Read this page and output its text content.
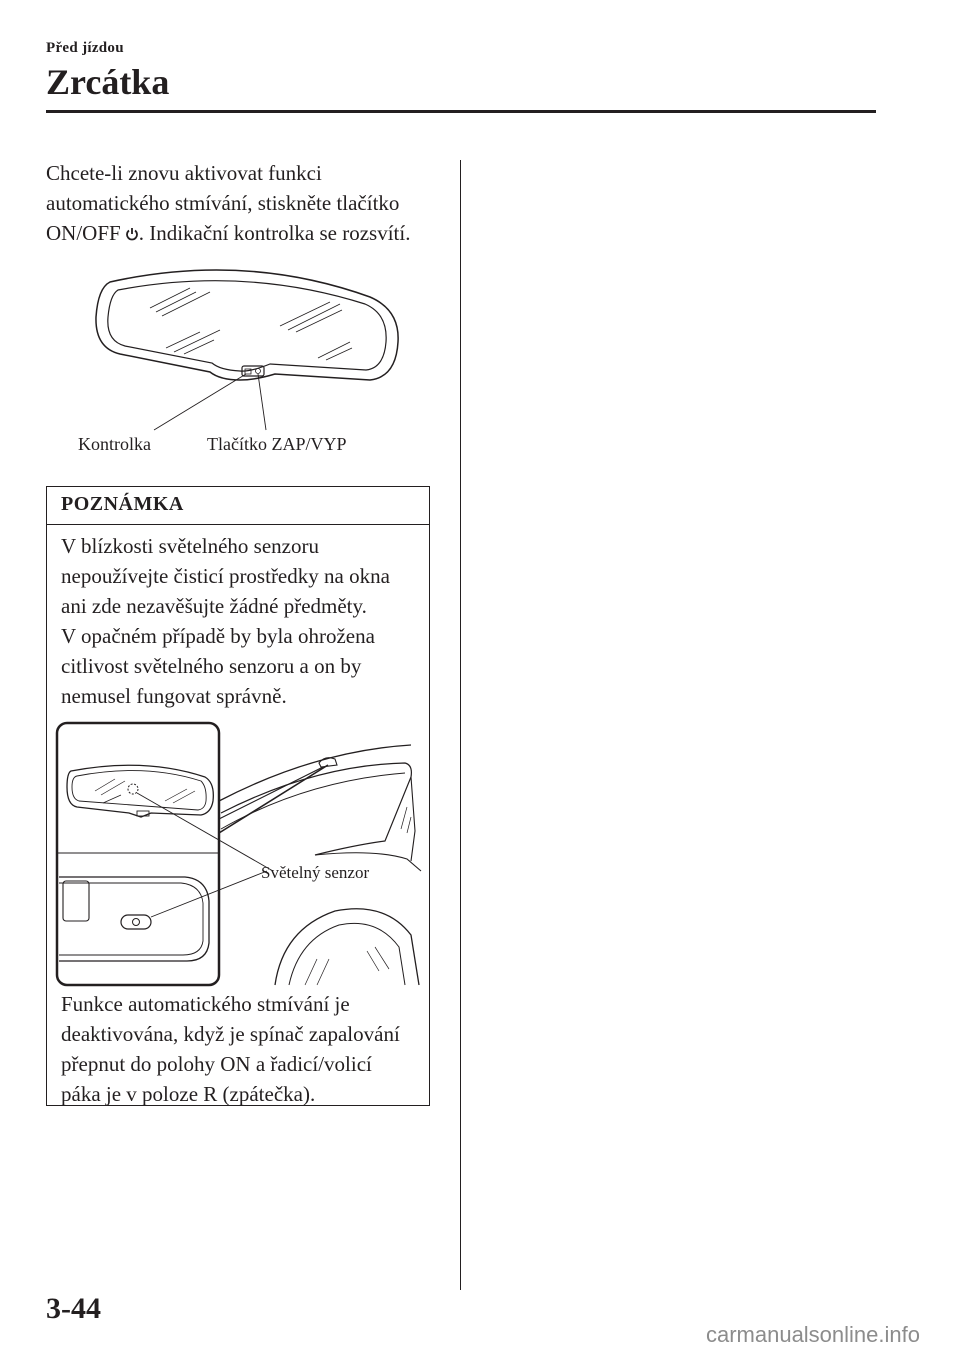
Před jízdou
Zrcátka
Chcete-li znovu aktivovat funkci
automatického stmívání, stiskněte tlačítko
ON/OFF . Indikační kontrolka se rozsvítí.
Kontrolka	Tlačítko ZAP/VYP
POZNÁMKA
V blízkosti světelného senzoru
nepoužívejte čisticí prostředky na okna
ani zde nezavěšujte žádné předměty.
V opačném případě by byla ohrožena
citlivost světelného senzoru a on by
nemusel fungovat správně.
Světelný senzor
Funkce automatického stmívání je
deaktivována, když je spínač zapalování
přepnut do polohy ON a řadicí/volicí
páka je v poloze R (zpátečka).
3-44
carmanualsonline.info
